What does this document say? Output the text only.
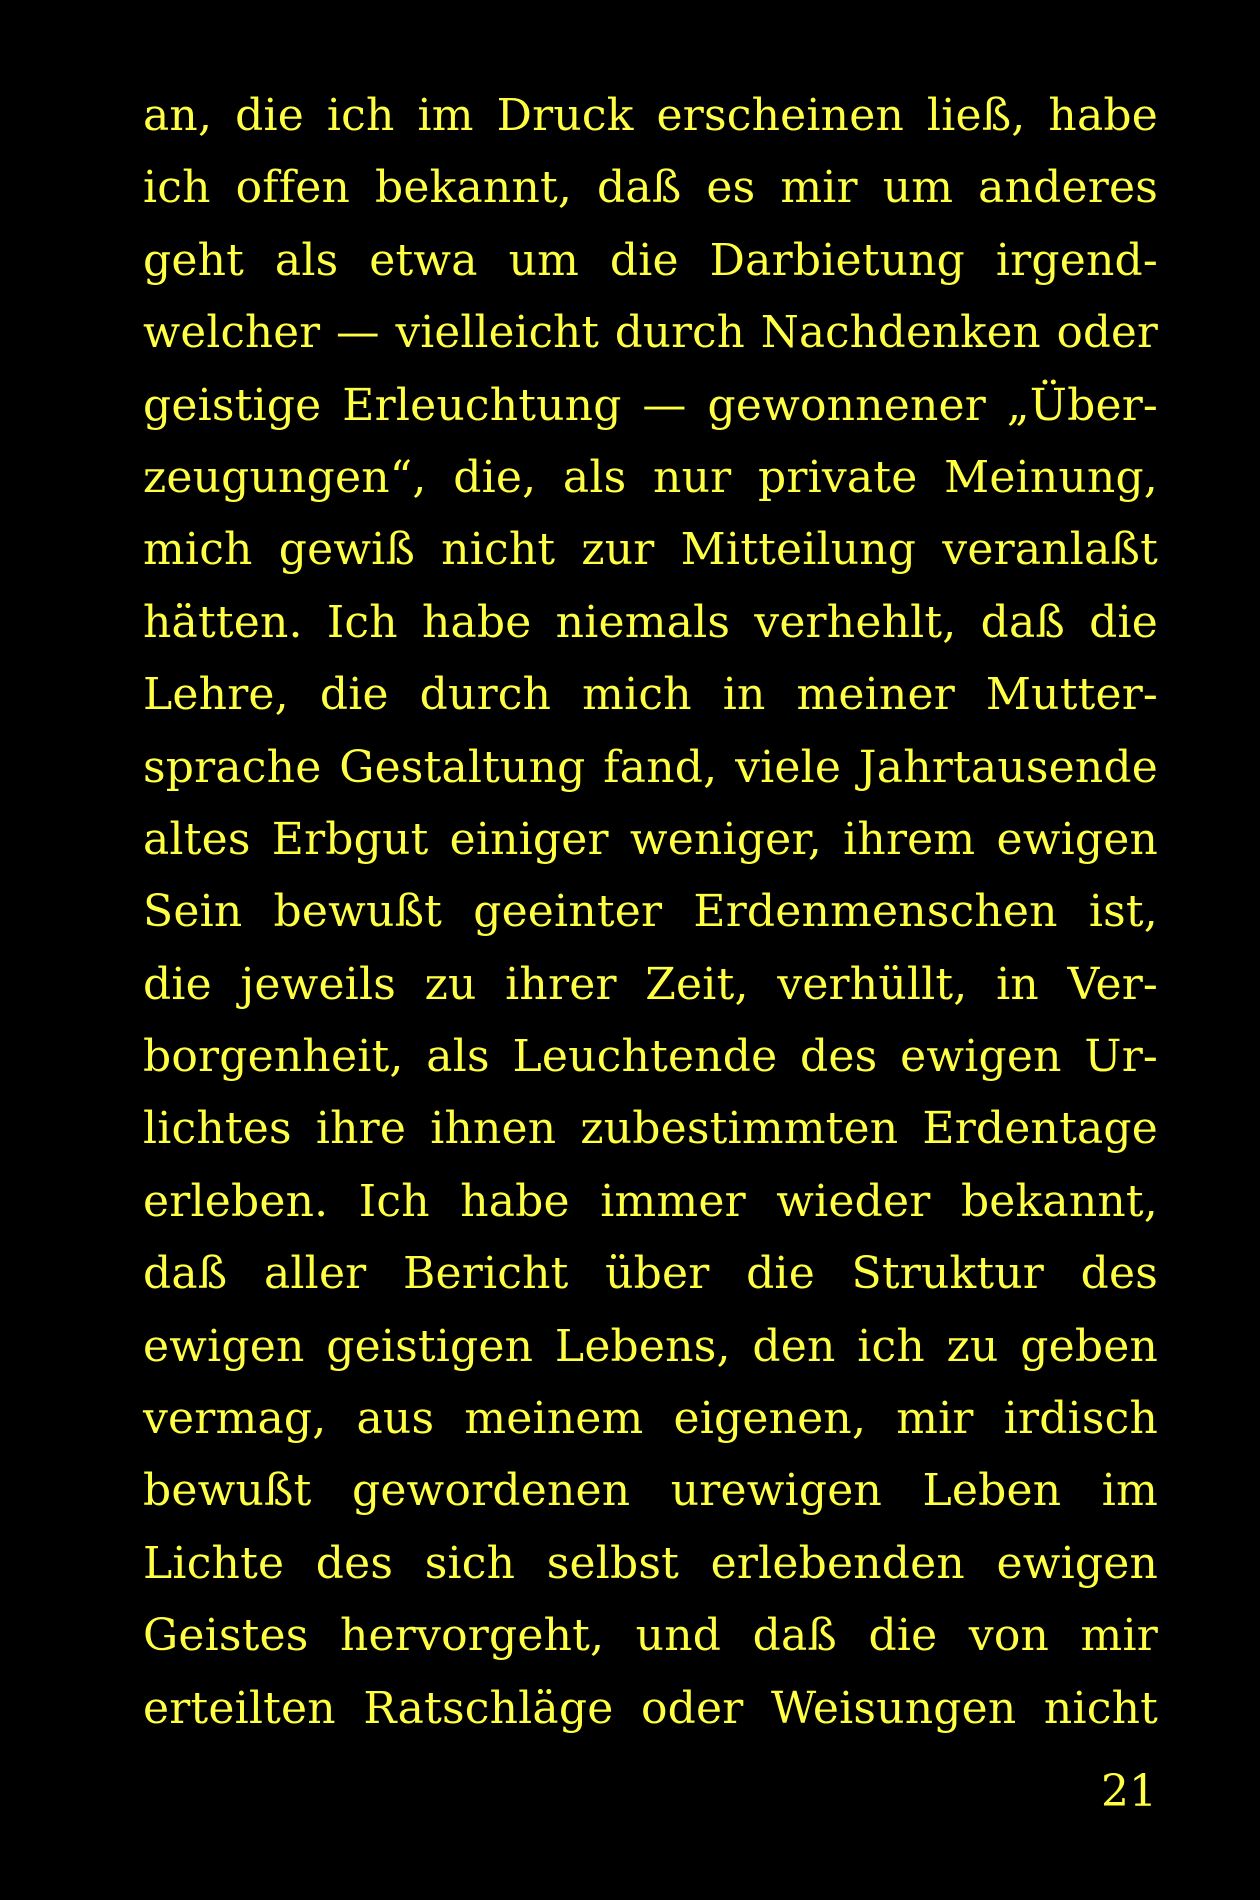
an, die ich im Druck erscheinen ließ, habe
ich offen bekannt, daß es mir um anderes
geht als etwa um die Darbietung irgend-
welcher — vielleicht durch Nachdenken oder
geistige Erleuchtung — gewonnener „Über-
zeugungen“, die, als nur private Meinung,
mich gewiß nicht zur Mitteilung veranlaßt
hätten. Ich habe niemals verhehlt, daß die
Lehre, die durch mich in meiner Mutter-
sprache Gestaltung fand, viele Jahrtausende
altes Erbgut einiger weniger, ihrem ewigen
Sein bewußt geeinter Erdenmenschen ist,
die jeweils zu ihrer Zeit, verhüllt, in Ver-
borgenheit, als Leuchtende des ewigen Ur-
lichtes ihre ihnen zubestimmten Erdentage
erleben. Ich habe immer wieder bekannt,
daß aller Bericht über die Struktur des
ewigen geistigen Lebens, den ich zu geben
vermag, aus meinem eigenen, mir irdisch
bewußt gewordenen urewigen Leben im
Lichte des sich selbst erlebenden ewigen
Geistes hervorgeht, und daß die von mir
erteilten Ratschläge oder Weisungen nicht
21
